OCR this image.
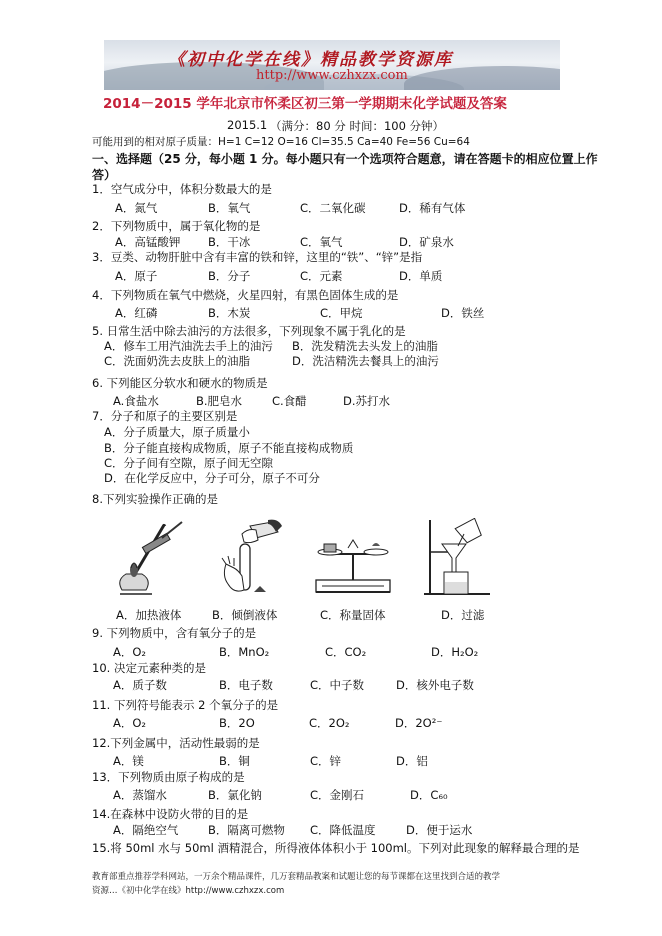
《初中化学在线》精品教学资源库
http://www.czhxzx.com
2014－2015 学年北京市怀柔区初三第一学期期末化学试题及答案
2015.1 （满分：80 分 时间：100 分钟）
可能用到的相对原子质量：H=1 C=12 O=16 Cl=35.5 Ca=40 Fe=56 Cu=64
一、选择题（25 分，每小题 1 分。每小题只有一个选项符合题意，请在答题卡的相应位置上作
答）
1．空气成分中，体积分数最大的是
A．氮气	B．氧气	C．二氧化碳	D．稀有气体
2．下列物质中，属于氧化物的是
A．高锰酸钾 B．干冰	C．氧气	D．矿泉水
3．豆类、动物肝脏中含有丰富的铁和锌，这里的“铁”、“锌”是指
A．原子	B．分子	C．元素	D．单质
4．下列物质在氧气中燃烧，火星四射，有黑色固体生成的是
A．红磷	B．木炭	C．甲烷	D．铁丝
5. 日常生活中除去油污的方法很多，下列现象不属于乳化的是
A．修车工用汽油洗去手上的油污 B．洗发精洗去头发上的油脂
C．洗面奶洗去皮肤上的油脂	D．洗洁精洗去餐具上的油污
6. 下列能区分软水和硬水的物质是
A.食盐水	B.肥皂水	C.食醋	D.苏打水
7．分子和原子的主要区别是
A．分子质量大，原子质量小
B．分子能直接构成物质，原子不能直接构成物质
C．分子间有空隙，原子间无空隙
D．在化学反应中，分子可分，原子不可分
8.下列实验操作正确的是
A．加热液体	B．倾倒液体	C．称量固体	D．过滤
9. 下列物质中，含有氧分子的是
A．O₂	B．MnO₂	C．CO₂	D．H₂O₂
10. 决定元素种类的是
A．质子数	B．电子数	C．中子数	D．核外电子数
11. 下列符号能表示 2 个氧分子的是
A．O₂	B．2O	C．2O₂	D．2O²⁻
12.下列金属中，活动性最弱的是
A．镁	B．铜	C．锌	D．铝
13．下列物质由原子构成的是
A．蒸馏水	B．氯化钠	C．金刚石	D．C₆₀
14.在森林中设防火带的目的是
A．隔绝空气	B．隔离可燃物 C．降低温度	D．便于运水
15.将 50ml 水与 50ml 酒精混合，所得液体体积小于 100ml。下列对此现象的解释最合理的是
教育部重点推荐学科网站，一万余个精品课件，几万套精品教案和试题让您的每节课都在这里找到合适的教学
资源…《初中化学在线》http://www.czhxzx.com
